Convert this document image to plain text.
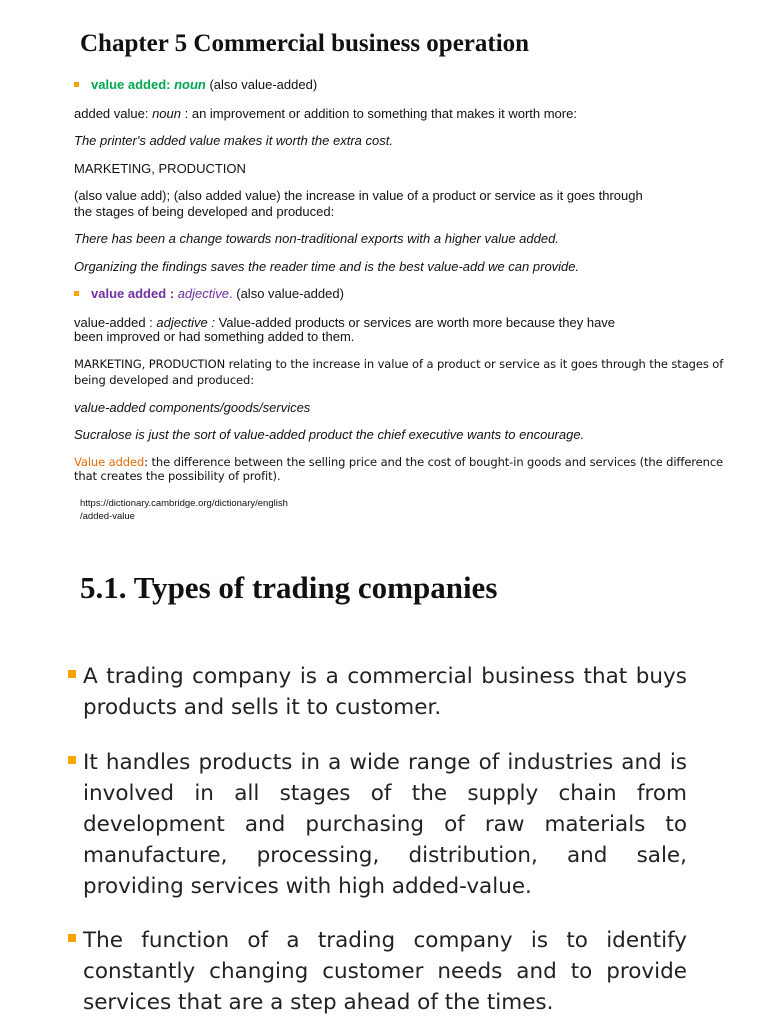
Chapter 5 Commercial business operation
value added: noun (also value-added)
added value: noun : an improvement or addition to something that makes it worth more:
The printer's added value makes it worth the extra cost.
MARKETING, PRODUCTION
(also value add); (also added value) the increase in value of a product or service as it goes through
the stages of being developed and produced:
There has been a change towards non-traditional exports with a higher value added.
Organizing the findings saves the reader time and is the best value-add we can provide.
value added : adjective. (also value-added)
value-added : adjective : Value-added products or services are worth more because they have
been improved or had something added to them.
MARKETING, PRODUCTION relating to the increase in value of a product or service as it goes through the stages of
being developed and produced:
value-added components/goods/services
Sucralose is just the sort of value-added product the chief executive wants to encourage.
Value added: the difference between the selling price and the cost of bought-in goods and services (the difference
that creates the possibility of profit).
https://dictionary.cambridge.org/dictionary/english
/added-value
5.1. Types of trading companies
A trading company is a commercial business that buys products and sells it to customer.
It handles products in a wide range of industries and is involved in all stages of the supply chain from development and purchasing of raw materials to manufacture, processing, distribution, and sale, providing services with high added-value.
The function of a trading company is to identify constantly changing customer needs and to provide services that are a step ahead of the times.
